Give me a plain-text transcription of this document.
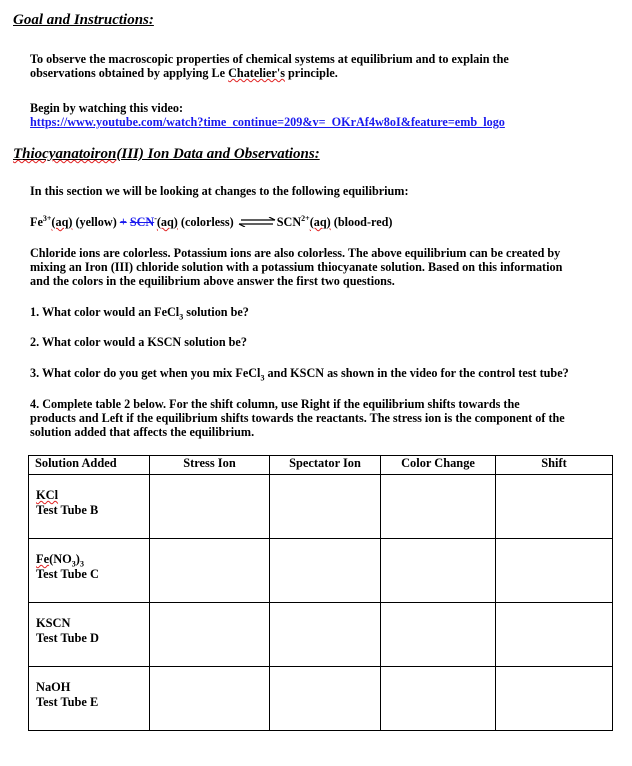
Goal and Instructions:
To observe the macroscopic properties of chemical systems at equilibrium and to explain the
observations obtained by applying Le Chatelier's principle.
Begin by watching this video:
https://www.youtube.com/watch?time_continue=209&v=_OKrAf4w8oI&feature=emb_logo
Thiocyanatoiron(III) Ion Data and Observations:
In this section we will be looking at changes to the following equilibrium:
$Fe^{3+}(aq)$ (yellow) + SCN-(aq) (colorless) $\rightleftharpoons SCN^{2+}(aq)$ (blood-red)
Chloride ions are colorless. Potassium ions are also colorless. The above equilibrium can be created by
mixing an Iron (III) chloride solution with a potassium thiocyanate solution. Based on this information
and the colors in the equilibrium above answer the first two questions.
1. What color would an FeCl$_3$ solution be?
2. What color would a KSCN solution be?
3. What color do you get when you mix FeCl$_3$ and KSCN as shown in the video for the control test tube?
4. Complete table 2 below. For the shift column, use Right if the equilibrium shifts towards the
products and Left if the equilibrium shifts towards the reactants. The stress ion is the component of the
solution added that affects the equilibrium.
Solution Added	Stress Ion	Spectator Ion	Color Change	Shift

KCl
Test Tube B				

$Fe(NO_3)_3$
Test Tube C				

KSCN
Test Tube D				

NaOH
Test Tube E				
